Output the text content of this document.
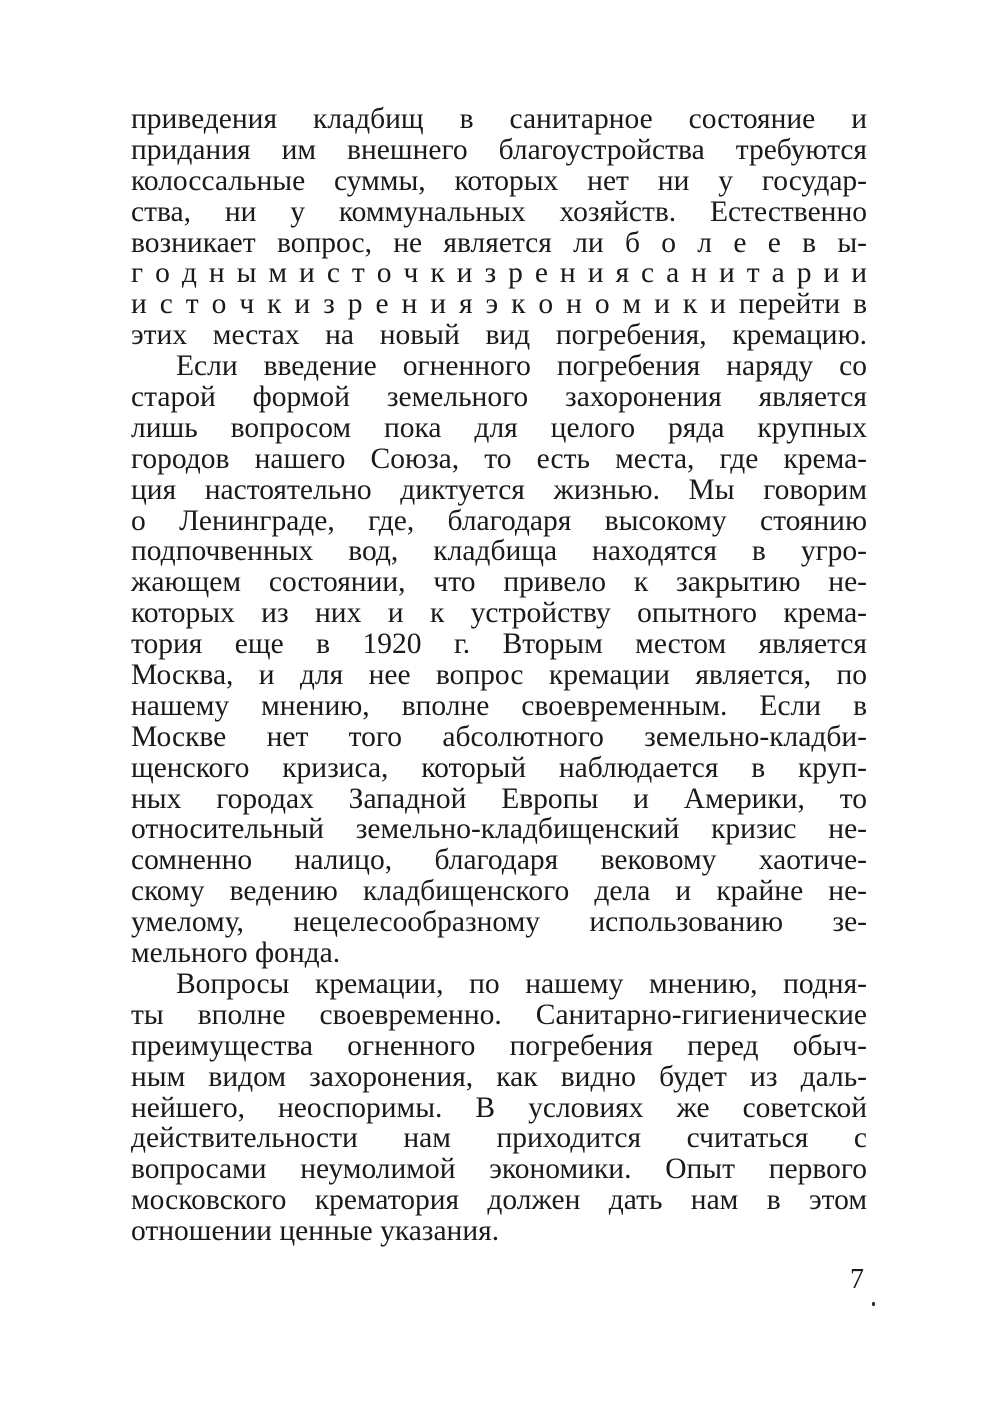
приведения кладбищ в санитарное состояние и
придания им внешнего благоустройства требуются
колоссальные суммы, которых нет ни у государ-
ства, ни у коммунальных хозяйств. Естественно
возникает вопрос, не является ли б о л е е в ы-
г о д н ы м и с т о ч к и з р е н и я с а н и т а р и и
и с т о ч к и з р е н и я э к о н о м и к и перейти в
этих местах на новый вид погребения, кремацию.
Если введение огненного погребения наряду со
старой формой земельного захоронения является
лишь вопросом пока для целого ряда крупных
городов нашего Союза, то есть места, где крема-
ция настоятельно диктуется жизнью. Мы говорим
о Ленинграде, где, благодаря высокому стоянию
подпочвенных вод, кладбища находятся в угро-
жающем состоянии, что привело к закрытию не-
которых из них и к устройству опытного крема-
тория еще в 1920 г. Вторым местом является
Москва, и для нее вопрос кремации является, по
нашему мнению, вполне своевременным. Если в
Москве нет того абсолютного земельно-кладби-
щенского кризиса, который наблюдается в круп-
ных городах Западной Европы и Америки, то
относительный земельно-кладбищенский кризис не-
сомненно налицо, благодаря вековому хаотиче-
скому ведению кладбищенского дела и крайне не-
умелому, нецелесообразному использованию зе-
мельного фонда.
Вопросы кремации, по нашему мнению, подня-
ты вполне своевременно. Санитарно-гигиенические
преимущества огненного погребения перед обыч-
ным видом захоронения, как видно будет из даль-
нейшего, неоспоримы. В условиях же советской
действительности нам приходится считаться с
вопросами неумолимой экономики. Опыт первого
московского крематория должен дать нам в этом
отношении ценные указания.
7
